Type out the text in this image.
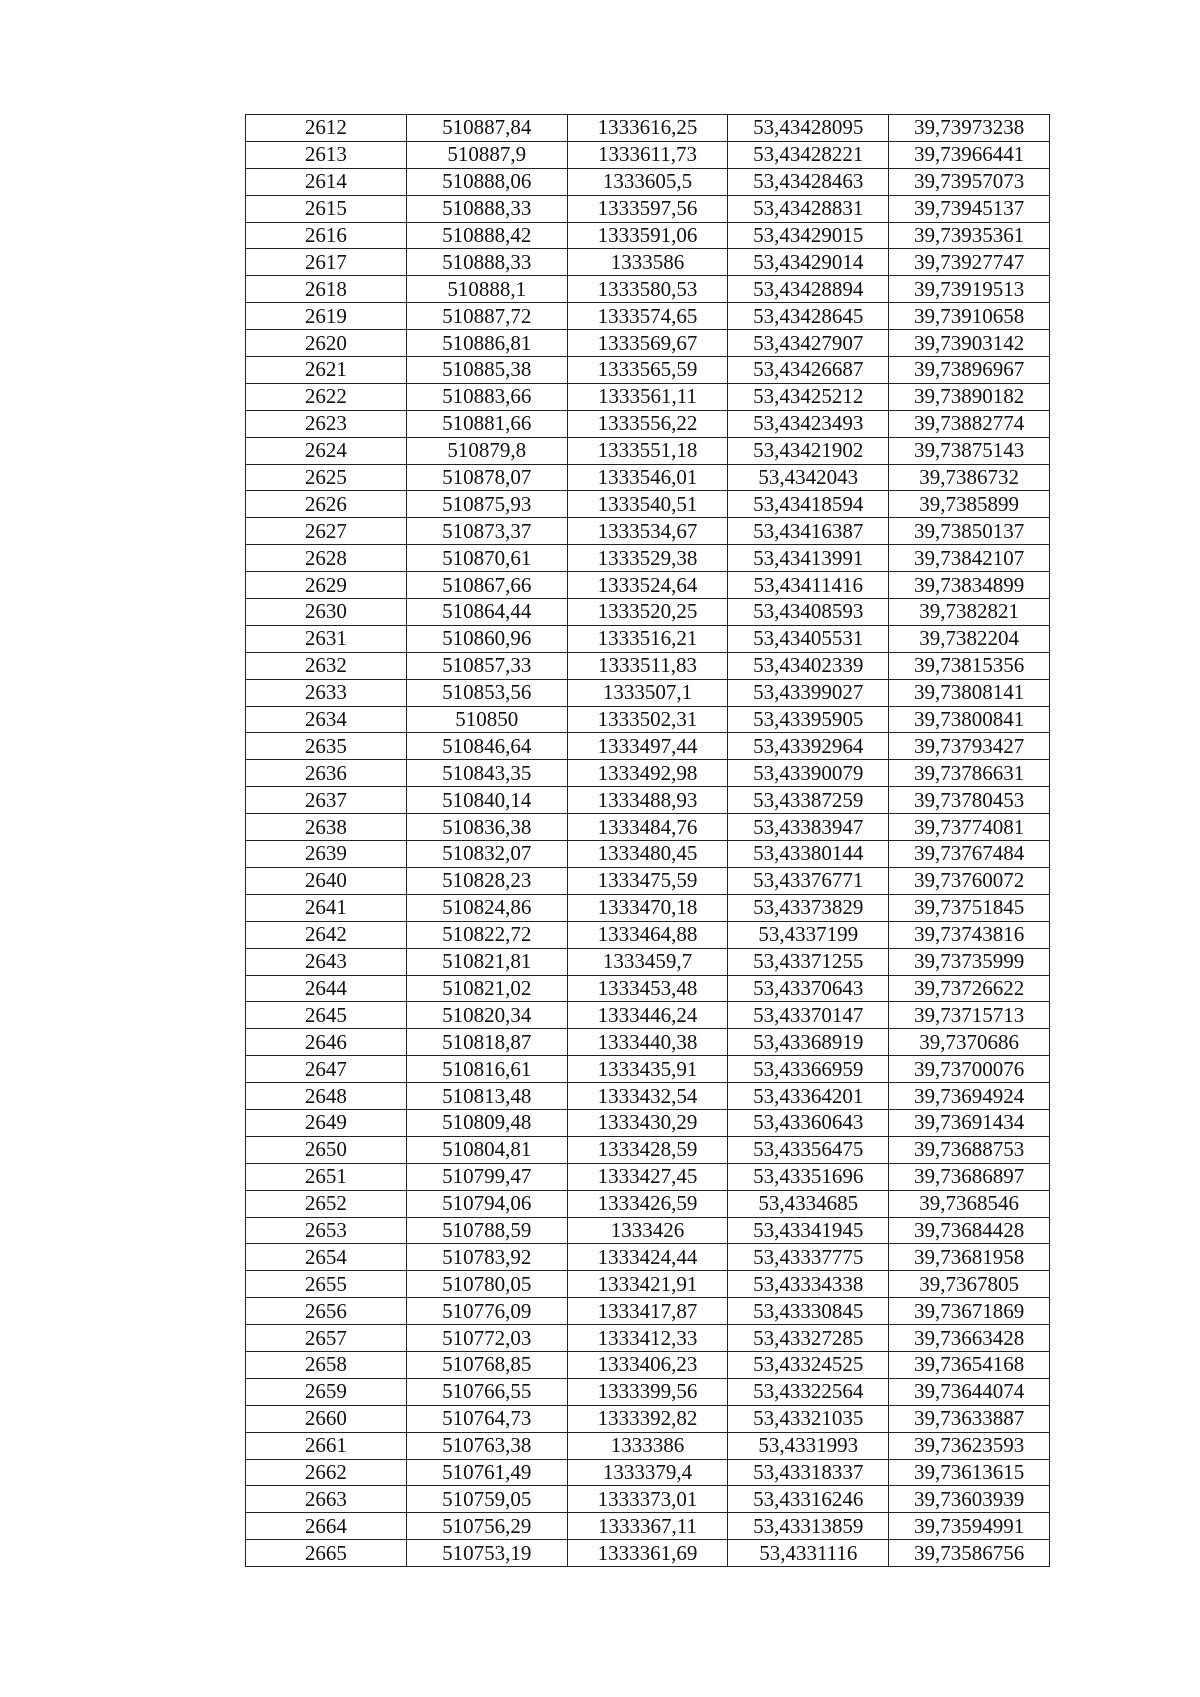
2612	510887,84	1333616,25	53,43428095	39,73973238
2613	510887,9	1333611,73	53,43428221	39,73966441
2614	510888,06	1333605,5	53,43428463	39,73957073
2615	510888,33	1333597,56	53,43428831	39,73945137
2616	510888,42	1333591,06	53,43429015	39,73935361
2617	510888,33	1333586	53,43429014	39,73927747
2618	510888,1	1333580,53	53,43428894	39,73919513
2619	510887,72	1333574,65	53,43428645	39,73910658
2620	510886,81	1333569,67	53,43427907	39,73903142
2621	510885,38	1333565,59	53,43426687	39,73896967
2622	510883,66	1333561,11	53,43425212	39,73890182
2623	510881,66	1333556,22	53,43423493	39,73882774
2624	510879,8	1333551,18	53,43421902	39,73875143
2625	510878,07	1333546,01	53,4342043	39,7386732
2626	510875,93	1333540,51	53,43418594	39,7385899
2627	510873,37	1333534,67	53,43416387	39,73850137
2628	510870,61	1333529,38	53,43413991	39,73842107
2629	510867,66	1333524,64	53,43411416	39,73834899
2630	510864,44	1333520,25	53,43408593	39,7382821
2631	510860,96	1333516,21	53,43405531	39,7382204
2632	510857,33	1333511,83	53,43402339	39,73815356
2633	510853,56	1333507,1	53,43399027	39,73808141
2634	510850	1333502,31	53,43395905	39,73800841
2635	510846,64	1333497,44	53,43392964	39,73793427
2636	510843,35	1333492,98	53,43390079	39,73786631
2637	510840,14	1333488,93	53,43387259	39,73780453
2638	510836,38	1333484,76	53,43383947	39,73774081
2639	510832,07	1333480,45	53,43380144	39,73767484
2640	510828,23	1333475,59	53,43376771	39,73760072
2641	510824,86	1333470,18	53,43373829	39,73751845
2642	510822,72	1333464,88	53,4337199	39,73743816
2643	510821,81	1333459,7	53,43371255	39,73735999
2644	510821,02	1333453,48	53,43370643	39,73726622
2645	510820,34	1333446,24	53,43370147	39,73715713
2646	510818,87	1333440,38	53,43368919	39,7370686
2647	510816,61	1333435,91	53,43366959	39,73700076
2648	510813,48	1333432,54	53,43364201	39,73694924
2649	510809,48	1333430,29	53,43360643	39,73691434
2650	510804,81	1333428,59	53,43356475	39,73688753
2651	510799,47	1333427,45	53,43351696	39,73686897
2652	510794,06	1333426,59	53,4334685	39,7368546
2653	510788,59	1333426	53,43341945	39,73684428
2654	510783,92	1333424,44	53,43337775	39,73681958
2655	510780,05	1333421,91	53,43334338	39,7367805
2656	510776,09	1333417,87	53,43330845	39,73671869
2657	510772,03	1333412,33	53,43327285	39,73663428
2658	510768,85	1333406,23	53,43324525	39,73654168
2659	510766,55	1333399,56	53,43322564	39,73644074
2660	510764,73	1333392,82	53,43321035	39,73633887
2661	510763,38	1333386	53,4331993	39,73623593
2662	510761,49	1333379,4	53,43318337	39,73613615
2663	510759,05	1333373,01	53,43316246	39,73603939
2664	510756,29	1333367,11	53,43313859	39,73594991
2665	510753,19	1333361,69	53,4331116	39,73586756
